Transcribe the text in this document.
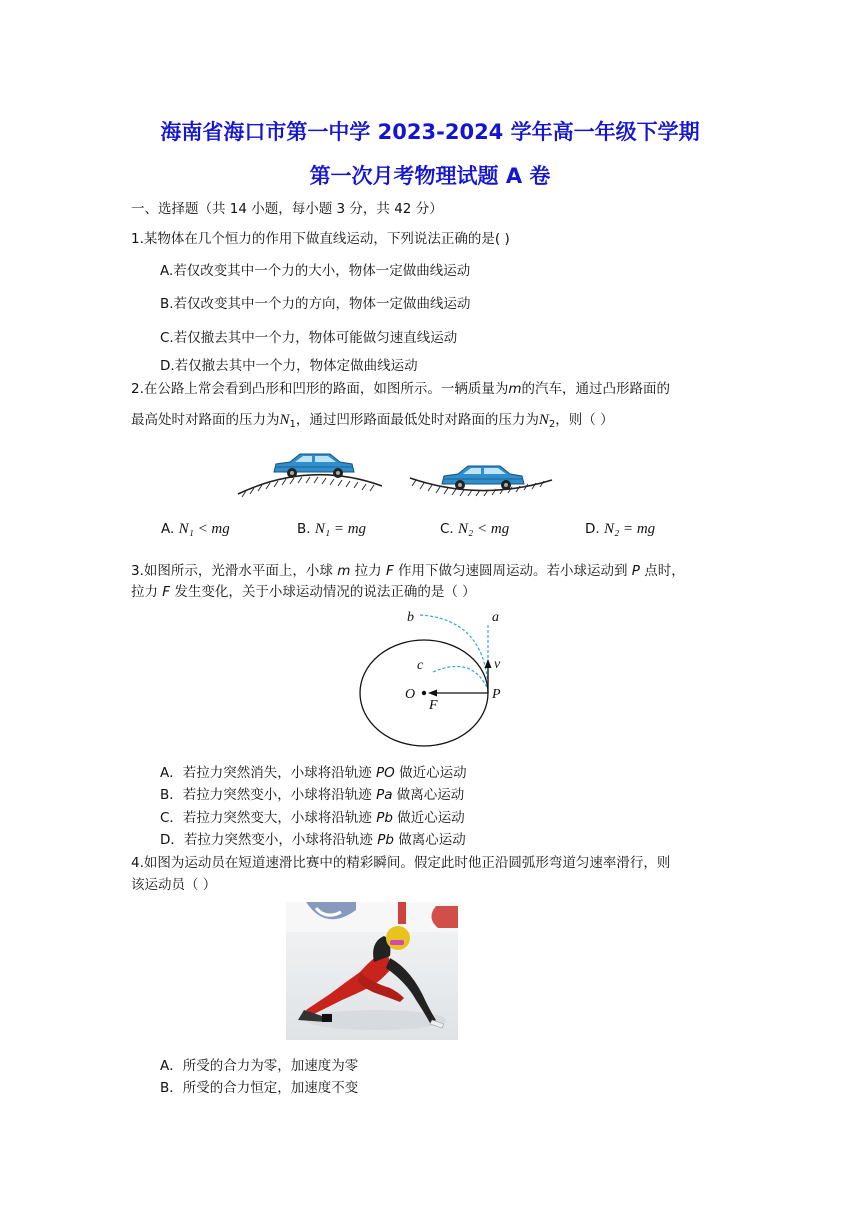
海南省海口市第一中学 2023-2024 学年高一年级下学期
第一次月考物理试题 A 卷
一、选择题（共 14 小题，每小题 3 分，共 42 分）
1.某物体在几个恒力的作用下做直线运动，下列说法正确的是( )
A.若仅改变其中一个力的大小，物体一定做曲线运动
B.若仅改变其中一个力的方向，物体一定做曲线运动
C.若仅撤去其中一个力，物体可能做匀速直线运动
D.若仅撤去其中一个力，物体定做曲线运动
2.在公路上常会看到凸形和凹形的路面，如图所示。一辆质量为m的汽车，通过凸形路面的
最高处时对路面的压力为$N_1$，通过凹形路面最低处时对路面的压力为$N_2$，则（ ）
A. N₁ < mg	B. N₁ = mg	C. N₂ < mg	D. N₂ = mg
3.如图所示，光滑水平面上，小球 m 拉力 F 作用下做匀速圆周运动。若小球运动到 P 点时，
拉力 F 发生变化，关于小球运动情况的说法正确的是（ ）
b	a
c	v
O
F
P
A．若拉力突然消失，小球将沿轨迹 PO 做近心运动
B．若拉力突然变小，小球将沿轨迹 Pa 做离心运动
C．若拉力突然变大，小球将沿轨迹 Pb 做近心运动
D．若拉力突然变小，小球将沿轨迹 Pb 做离心运动
4.如图为运动员在短道速滑比赛中的精彩瞬间。假定此时他正沿圆弧形弯道匀速率滑行，则
该运动员（ ）
A．所受的合力为零，加速度为零
B．所受的合力恒定，加速度不变
